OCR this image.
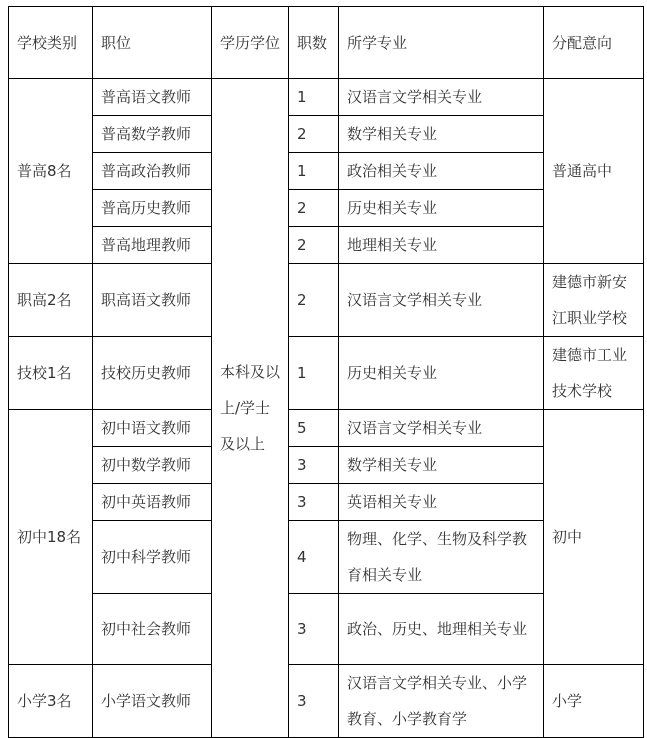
学校类别	职位	学历学位	职数	所学专业	分配意向
普高8名	普高语文教师	本科及以上/学士及以上	1	汉语言文学相关专业	普通高中
	普高数学教师		2	数学相关专业	
	普高政治教师		1	政治相关专业	
	普高历史教师		2	历史相关专业	
	普高地理教师		2	地理相关专业	
职高2名	职高语文教师		2	汉语言文学相关专业	建德市新安江职业学校
技校1名	技校历史教师		1	历史相关专业	建德市工业技术学校
初中18名	初中语文教师		5	汉语言文学相关专业	初中
	初中数学教师		3	数学相关专业	
	初中英语教师		3	英语相关专业	
	初中科学教师		4	物理、化学、生物及科学教育相关专业	
	初中社会教师		3	政治、历史、地理相关专业	
小学3名	小学语文教师		3	汉语言文学相关专业、小学教育、小学教育学	小学
